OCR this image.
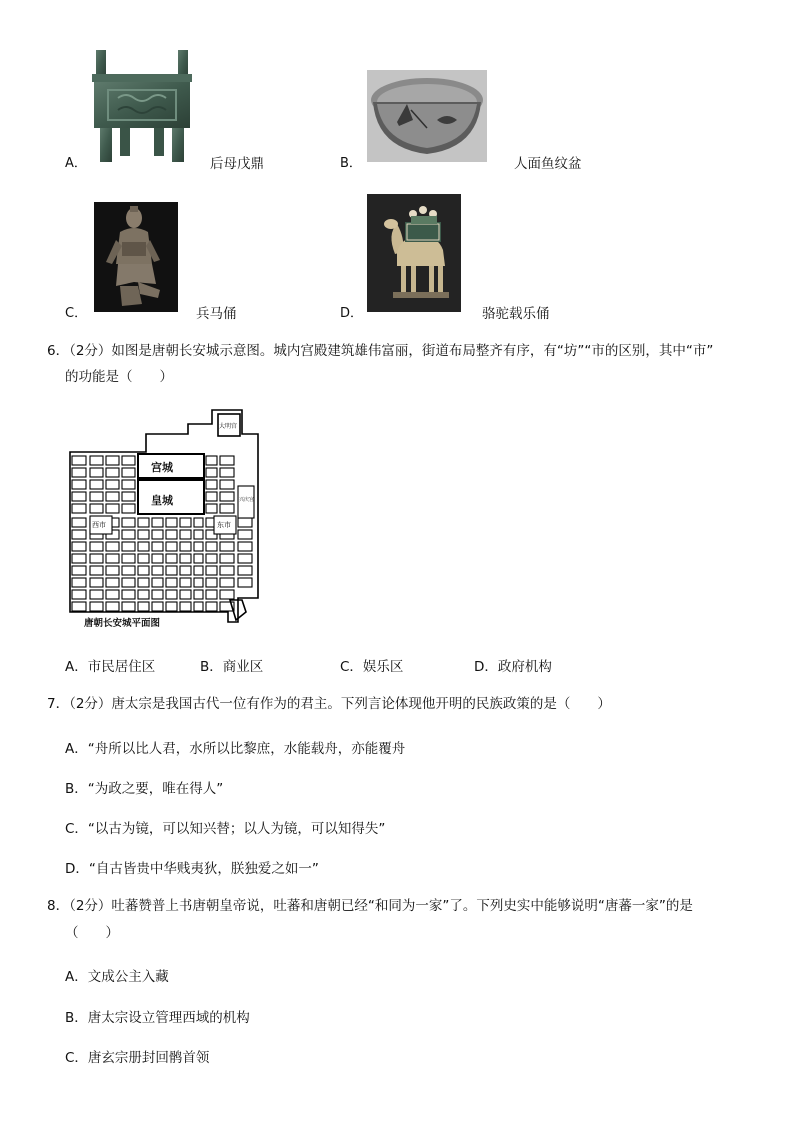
A．	后母戊鼎	B．	人面鱼纹盆
C．	兵马俑	D．	骆驼载乐俑
6．（2分）如图是唐朝长安城示意图。城内宫殿建筑雄伟富丽，街道布局整齐有序，有“坊”“市的区别，其中“市”
的功能是（　　）
宫城
皇城
大明宫
西市	东市
兴庆宫
唐朝长安城平面图
A．市民居住区	B．商业区	C．娱乐区	D．政府机构
7．（2分）唐太宗是我国古代一位有作为的君主。下列言论体现他开明的民族政策的是（　　）
A．“舟所以比人君，水所以比黎庶，水能载舟，亦能覆舟
B．“为政之要，唯在得人”
C．“以古为镜，可以知兴替；以人为镜，可以知得失”
D．“自古皆贵中华贱夷狄，朕独爱之如一”
8．（2分）吐蕃赞普上书唐朝皇帝说，吐蕃和唐朝已经“和同为一家”了。下列史实中能够说明“唐蕃一家”的是
（　　）
A．文成公主入藏
B．唐太宗设立管理西域的机构
C．唐玄宗册封回鹘首领
